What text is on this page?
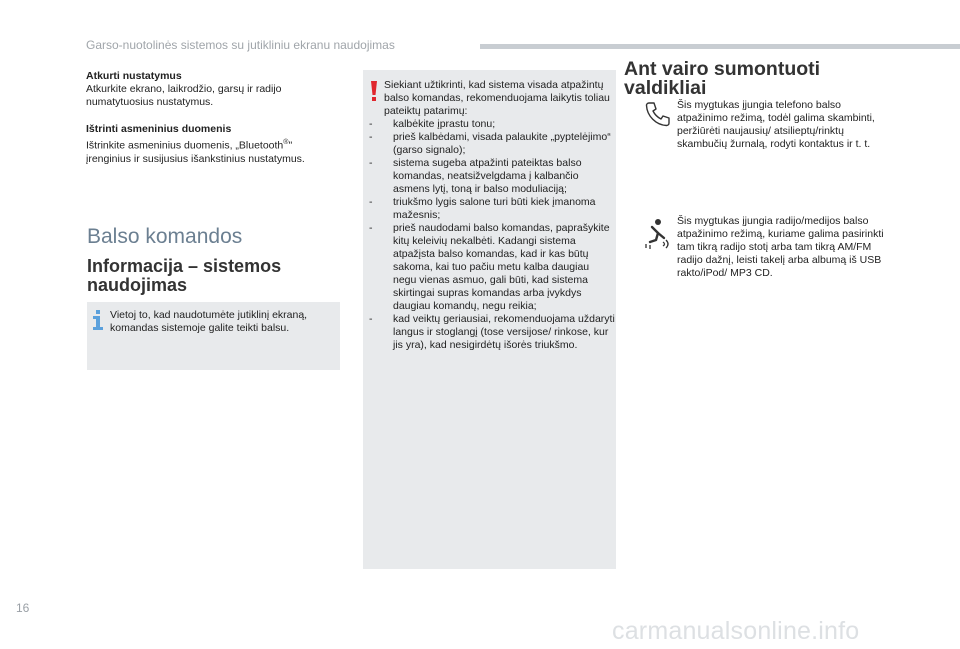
Garso-nuotolinės sistemos su jutikliniu ekranu naudojimas
Atkurti nustatymus
Atkurkite ekrano, laikrodžio, garsų ir radijo numatytuosius nustatymus.
Ištrinti asmeninius duomenis
Ištrinkite asmeninius duomenis, „Bluetooth®" įrenginius ir susijusius išankstinius nustatymus.
Balso komandos
Informacija – sistemos naudojimas
Vietoj to, kad naudotumėte jutiklinį ekraną, komandas sistemoje galite teikti balsu.
Siekiant užtikrinti, kad sistema visada atpažintų balso komandas, rekomenduojama laikytis toliau pateiktų patarimų:
- kalbėkite įprastu tonu;
- prieš kalbėdami, visada palaukite „pyptelėjimo“ (garso signalo);
- sistema sugeba atpažinti pateiktas balso komandas, neatsižvelgdama į kalbančio asmens lytį, toną ir balso moduliaciją;
- triukšmo lygis salone turi būti kiek įmanoma mažesnis;
- prieš naudodami balso komandas, paprašykite kitų keleivių nekalbėti. Kadangi sistema atpažįsta balso komandas, kad ir kas būtų sakoma, kai tuo pačiu metu kalba daugiau negu vienas asmuo, gali būti, kad sistema skirtingai supras komandas arba įvykdys daugiau komandų, negu reikia;
- kad veiktų geriausiai, rekomenduojama uždaryti langus ir stoglangį (tose versijose/ rinkose, kur jis yra), kad nesigirdėtų išorės triukšmo.
Ant vairo sumontuoti valdikliai
Šis mygtukas įjungia telefono balso atpažinimo režimą, todėl galima skambinti, peržiūrėti naujausių/ atsilieptų/rinktų skambučių žurnalą, rodyti kontaktus ir t. t.
Šis mygtukas įjungia radijo/medijos balso atpažinimo režimą, kuriame galima pasirinkti tam tikrą radijo stotį arba tam tikrą AM/FM radijo dažnį, leisti takelį arba albumą iš USB rakto/iPod/ MP3 CD.
16
carmanualsonline.info
